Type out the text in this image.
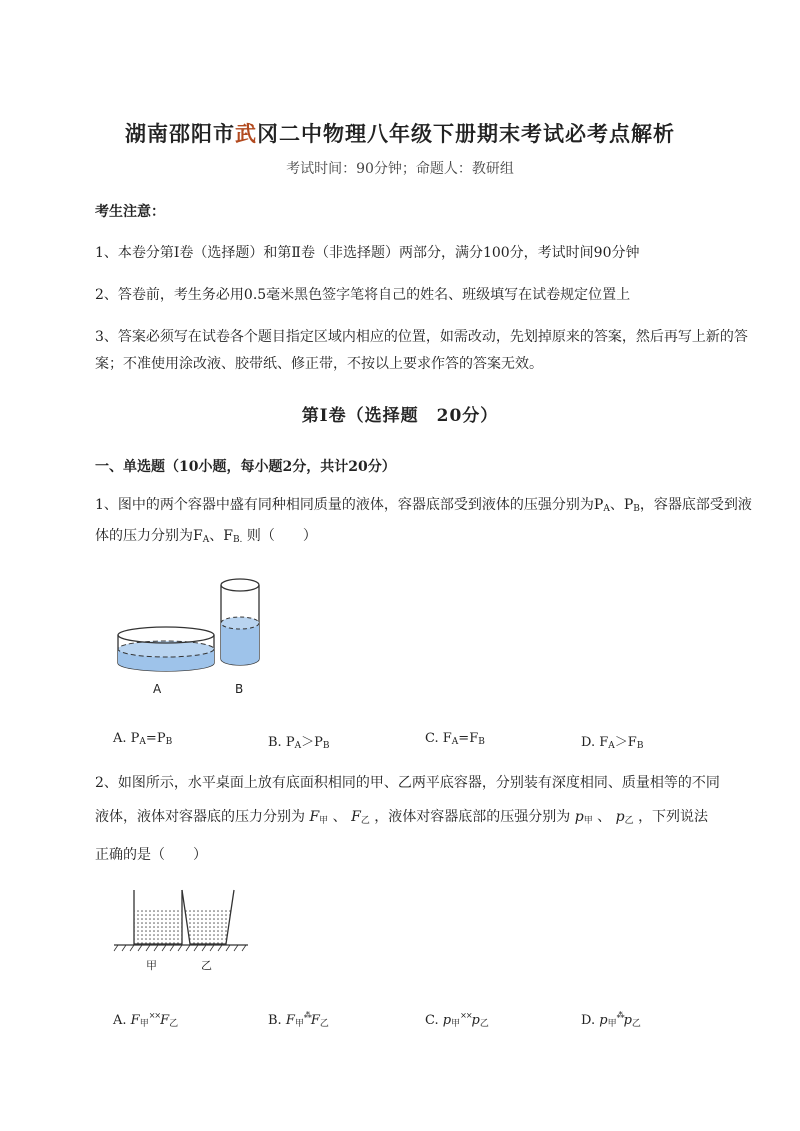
湖南邵阳市武冈二中物理八年级下册期末考试必考点解析
考试时间：90分钟；命题人：教研组
考生注意：
1、本卷分第Ⅰ卷（选择题）和第Ⅱ卷（非选择题）两部分，满分100分，考试时间90分钟
2、答卷前，考生务必用0.5毫米黑色签字笔将自己的姓名、班级填写在试卷规定位置上
3、答案必须写在试卷各个题目指定区域内相应的位置，如需改动，先划掉原来的答案，然后再写上新的答案；不准使用涂改液、胶带纸、修正带，不按以上要求作答的答案无效。
第Ⅰ卷（选择题　20分）
一、单选题（10小题，每小题2分，共计20分）
1、图中的两个容器中盛有同种相同质量的液体，容器底部受到液体的压强分别为$P_A$、$P_B$，容器底部受到液体的压力分别为$F_A$、$F_{B.}$ 则（　　）
A	B
A. $P_A=P_B$	B. $P_A>P_B$	C. $F_A=F_B$	D. $F_A>F_B$
2、如图所示，水平桌面上放有底面积相同的甲、乙两平底容器，分别装有深度相同、质量相等的不同
液体，液体对容器底的压力分别为 $F_甲$ 、 $F_乙$ ，液体对容器底部的压强分别为 $p_甲$ 、 $p_乙$ ，下列说法
正确的是（　　）
甲	乙
A. $F_甲^{\times\times}F_乙$	B. $F_甲^⁂F_乙$	C. $p_甲^{\times\times}p_乙$	D. $p_甲^⁂p_乙$
